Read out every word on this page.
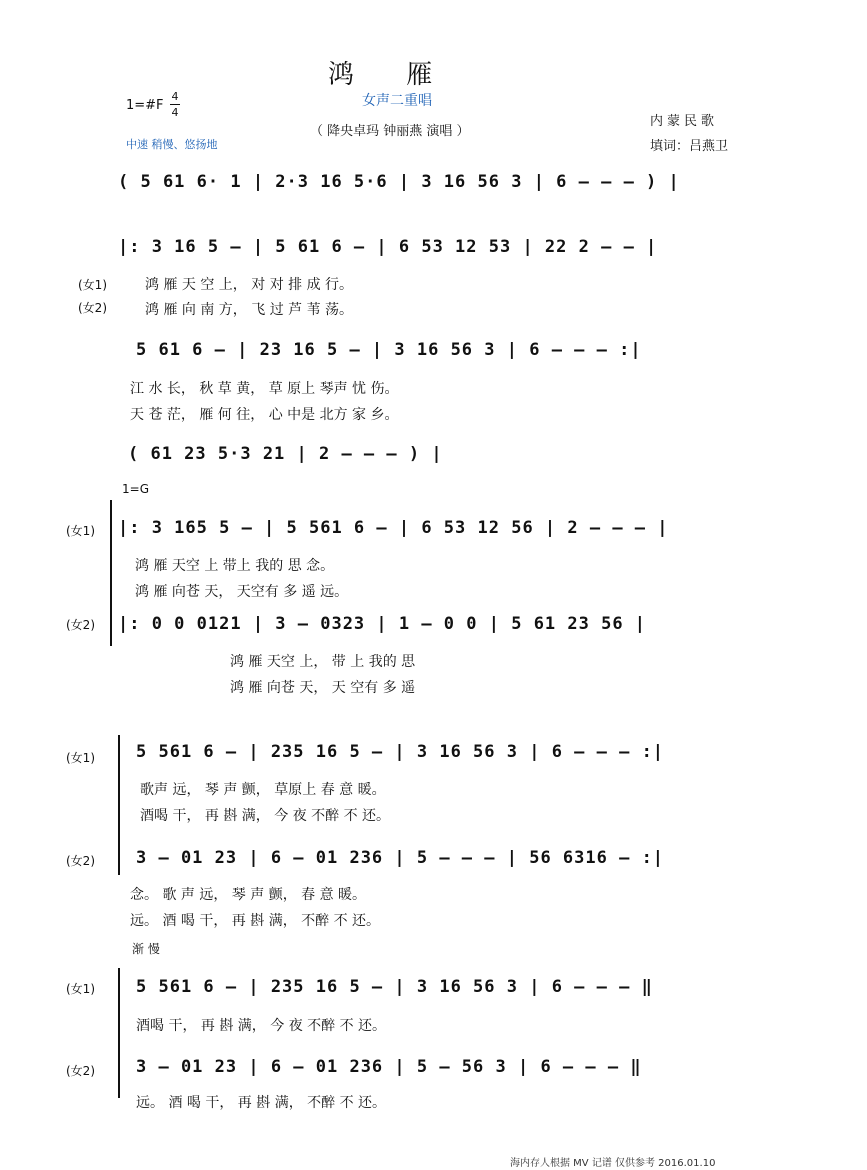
鸿 雁
女声二重唱
1=#F
4
4
（ 降央卓玛 钟丽燕 演唱 ）
中速 稍慢、悠扬地
内蒙民歌
填词：吕燕卫
( 5 61 6· 1 | 2·3 16 5·6 | 3 16 56 3 | 6 – – – ) |
|: 3 16 5 – | 5 61 6 – | 6 53 12 53 | 22 2 – – |
(女1)
(女2)
鸿 雁 天 空 上， 对 对 排 成 行。
鸿 雁 向 南 方， 飞 过 芦 苇 荡。
5 61 6 – | 23 16 5 – | 3 16 56 3 | 6 – – – :|
江 水 长， 秋 草 黄， 草 原上 琴声 忧 伤。
天 苍 茫， 雁 何 往， 心 中是 北方 家 乡。
( 61 23 5·3 21 | 2 – – – ) |
1=G
(女1) |: 3 165 5 – | 5 561 6 – | 6 53 12 56 | 2 – – – |
鸿 雁 天空 上 带上 我的 思 念。
鸿 雁 向苍 天， 天空有 多 遥 远。
(女2) |: 0 0 0121 | 3 – 0323 | 1 – 0 0 | 5 61 23 56 |
鸿 雁 天空 上， 带 上 我的 思
鸿 雁 向苍 天， 天 空有 多 遥
(女1) 5 561 6 – | 235 16 5 – | 3 16 56 3 | 6 – – – :|
歌声 远， 琴 声 颤， 草原上 春 意 暖。
酒喝 干， 再 斟 满， 今 夜 不醉 不 还。
(女2) 3 – 01 23 | 6 – 01 236 | 5 – – – | 56 6316 – :|
念。 歌 声 远， 琴 声 颤， 春 意 暖。
远。 酒 喝 干， 再 斟 满， 不醉 不 还。
渐 慢
(女1) 5 561 6 – | 235 16 5 – | 3 16 56 3 | 6 – – – ‖
酒喝 干， 再 斟 满， 今 夜 不醉 不 还。
(女2) 3 – 01 23 | 6 – 01 236 | 5 – 56 3 | 6 – – – ‖
远。 酒 喝 干， 再 斟 满， 不醉 不 还。
海内存人根据 MV 记谱 仅供参考 2016.01.10
